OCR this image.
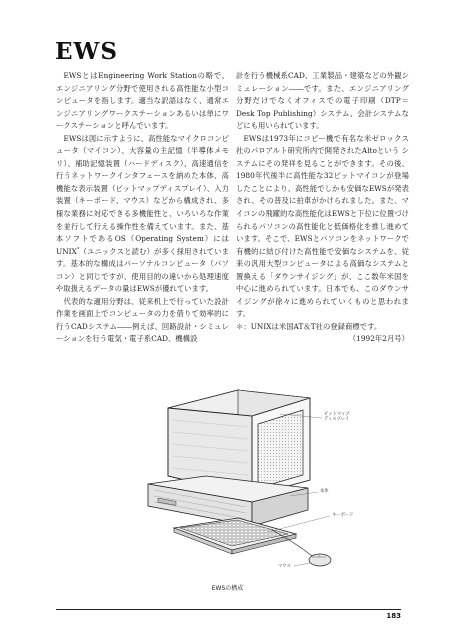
EWS

EWSとはEngineering Work Stationの略で、エンジニアリング分野で使用される高性能な小型コンピュータを指します。適当な訳語はなく、通常エンジニアリングワークステーションあるいは単にワークステーションと呼んでいます。

EWSは図に示すように、高性能なマイクロコンピュータ（マイコン）、大容量の主記憶（半導体メモリ）、補助記憶装置（ハードディスク）、高速通信を行うネットワークインタフェースを納めた本体、高機能な表示装置（ビットマップディスプレイ）、入力装置（キーボード、マウス）などから構成され、多様な業務に対応できる多機能性と、いろいろな作業を並行して行える操作性を備えています。また、基本ソフトであるOS（Operating System）にはUNIX*（ユニックスと読む）が多く採用されています。基本的な構成はパーソナルコンピュータ（パソコン）と同じですが、使用目的の違いから処理速度や取扱えるデータの量はEWSが優れています。

代表的な適用分野は、従来机上で行っていた設計作業を画面上でコンピュータの力を借りて効率的に行うCADシステム――例えば、回路設計・シミュレーションを行う電気・電子系CAD、機構設

計を行う機械系CAD、工業製品・建築などの外観シミュレーション――です。また、エンジニアリング分野だけでなくオフィスでの電子印刷（DTP＝Desk Top Publishing）システム、会計システムなどにも用いられています。

EWSは1973年にコピー機で有名な米ゼロックス社のパロアルト研究所内で開発されたAltoという システムにその発祥を見ることができます。その後、1980年代後半に高性能な32ビットマイコンが登場したことにより、高性能でしかも安価なEWSが発表され、その普及に拍車がかけられました。また、マイコンの飛躍的な高性能化はEWSと下位に位置づけられるパソコンの高性能化と低価格化を推し進めています。そこで、EWSとパソコンをネットワークで有機的に結び付けた高性能で安価なシステムを、従来の汎用大型コンピュータによる高価なシステムと置換える「ダウンサイジング」が、ここ数年米国を中心に進められています。日本でも、このダウンサイジングが徐々に進められていくものと思われます。

＊：UNIXは米国AT＆T社の登録商標です。

（1992年2月号）

ビットマップ
ディスプレイ
本体
キーボード
マウス
EWSの構成
183
